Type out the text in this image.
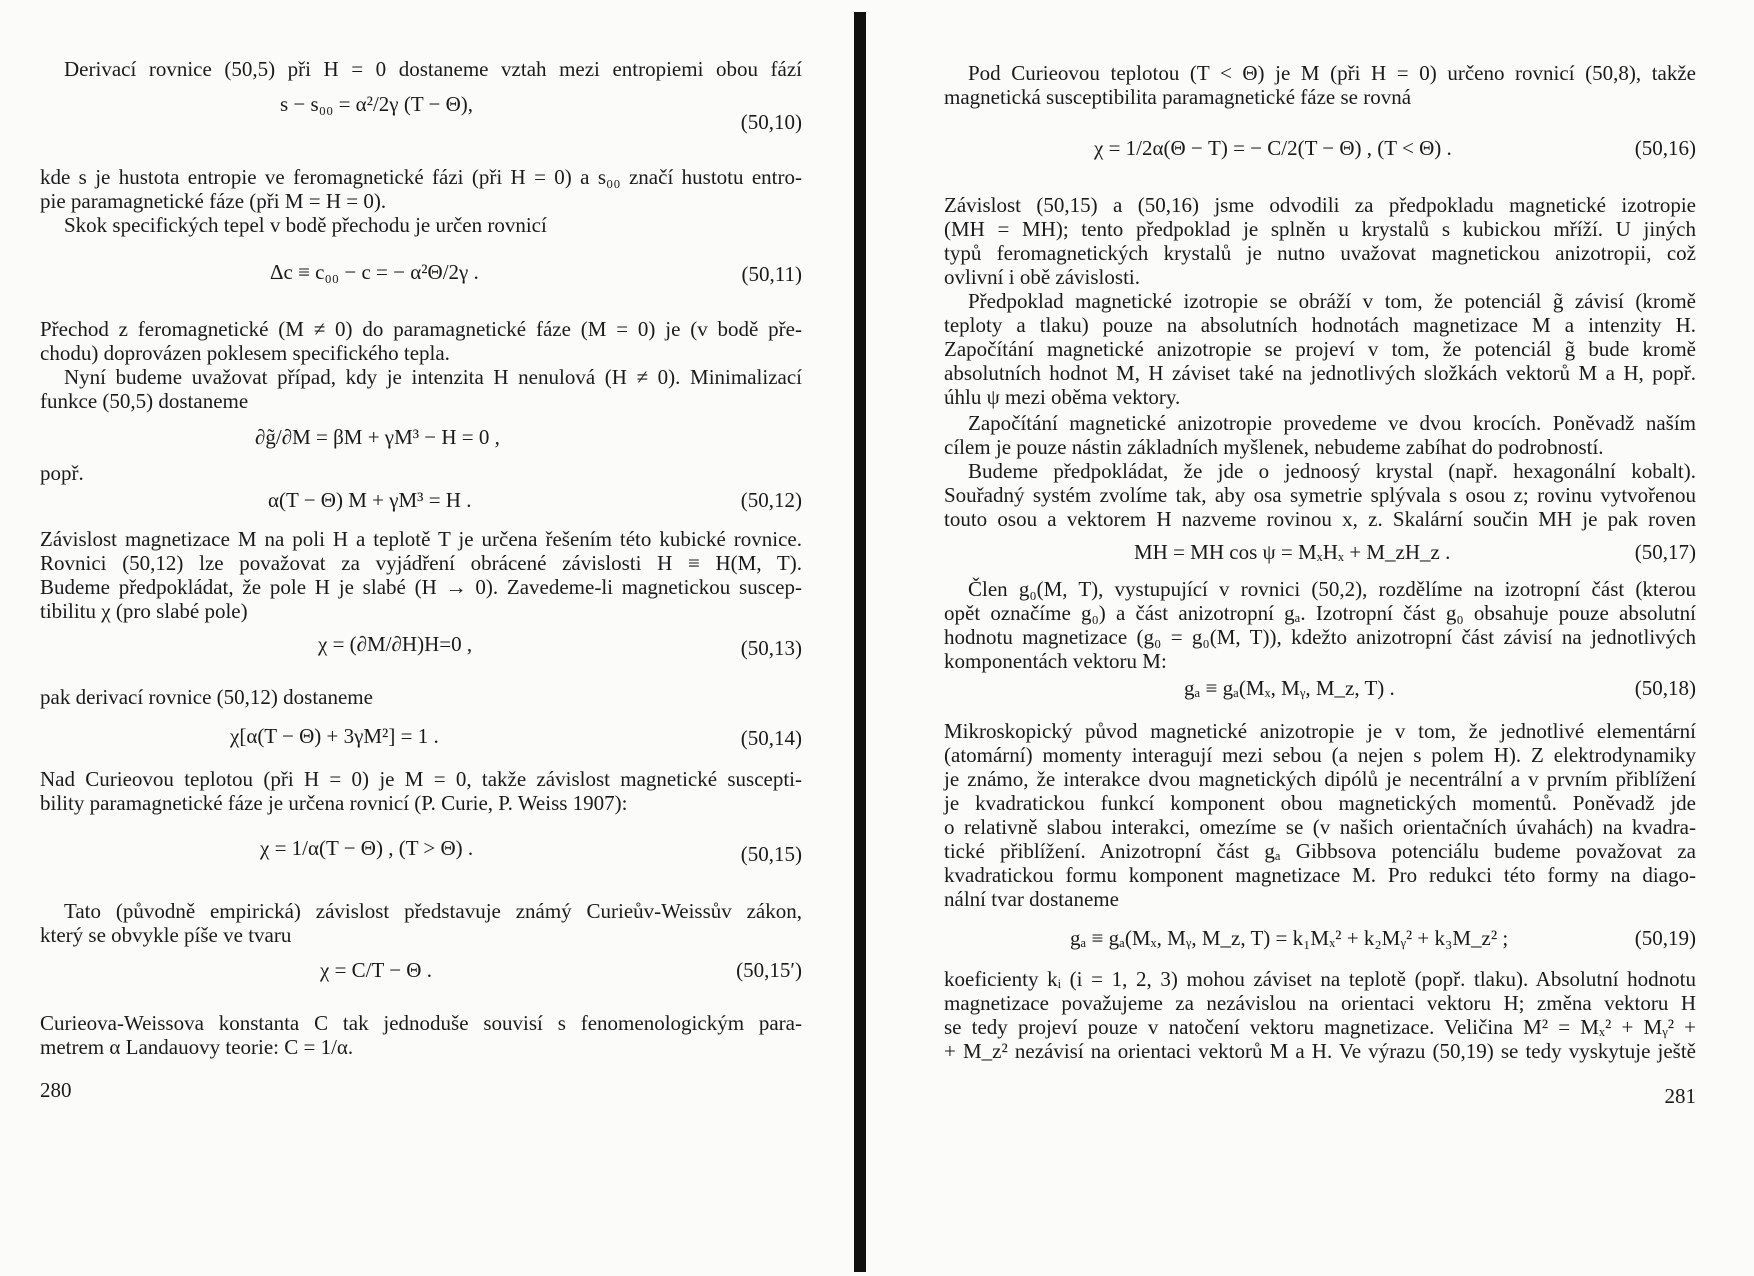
Derivací rovnice (50,5) při H = 0 dostaneme vztah mezi entropiemi obou fází
s − s₀₀ = α²/2γ (T − Θ),
(50,10)
kde s je hustota entropie ve feromagnetické fázi (při H = 0) a s₀₀ značí hustotu entro-
pie paramagnetické fáze (při M = H = 0).
Skok specifických tepel v bodě přechodu je určen rovnicí
Δc ≡ c₀₀ − c = − α²Θ/2γ .	(50,11)
Přechod z feromagnetické (M ≠ 0) do paramagnetické fáze (M = 0) je (v bodě pře-
chodu) doprovázen poklesem specifického tepla.
Nyní budeme uvažovat případ, kdy je intenzita H nenulová (H ≠ 0). Minimalizací
funkce (50,5) dostaneme
∂g̃/∂M = βM + γM³ − H = 0 ,
popř.
α(T − Θ) M + γM³ = H .	(50,12)
Závislost magnetizace M na poli H a teplotě T je určena řešením této kubické rovnice.
Rovnici (50,12) lze považovat za vyjádření obrácené závislosti H ≡ H(M, T).
Budeme předpokládat, že pole H je slabé (H → 0). Zavedeme-li magnetickou suscep-
tibilitu χ (pro slabé pole)
χ = (∂M/∂H)H=0 ,	(50,13)
pak derivací rovnice (50,12) dostaneme
χ[α(T − Θ) + 3γM²] = 1 .	(50,14)
Nad Curieovou teplotou (při H = 0) je M = 0, takže závislost magnetické suscepti-
bility paramagnetické fáze je určena rovnicí (P. Curie, P. Weiss 1907):
χ = 1/α(T − Θ) , (T > Θ) .	(50,15)
Tato (původně empirická) závislost představuje známý Curieův-Weissův zákon,
který se obvykle píše ve tvaru
χ = C/T − Θ .	(50,15′)
Curieova-Weissova konstanta C tak jednoduše souvisí s fenomenologickým para-
metrem α Landauovy teorie: C = 1/α.
280
Pod Curieovou teplotou (T < Θ) je M (při H = 0) určeno rovnicí (50,8), takže
magnetická susceptibilita paramagnetické fáze se rovná
χ = 1/2α(Θ − T) = − C/2(T − Θ) , (T < Θ) .	(50,16)
Závislost (50,15) a (50,16) jsme odvodili za předpokladu magnetické izotropie
(MH = MH); tento předpoklad je splněn u krystalů s kubickou mříží. U jiných
typů feromagnetických krystalů je nutno uvažovat magnetickou anizotropii, což
ovlivní i obě závislosti.
Předpoklad magnetické izotropie se obráží v tom, že potenciál g̃ závisí (kromě
teploty a tlaku) pouze na absolutních hodnotách magnetizace M a intenzity H.
Započítání magnetické anizotropie se projeví v tom, že potenciál g̃ bude kromě
absolutních hodnot M, H záviset také na jednotlivých složkách vektorů M a H, popř.
úhlu ψ mezi oběma vektory.
Započítání magnetické anizotropie provedeme ve dvou krocích. Poněvadž naším
cílem je pouze nástin základních myšlenek, nebudeme zabíhat do podrobností.
Budeme předpokládat, že jde o jednoosý krystal (např. hexagonální kobalt).
Souřadný systém zvolíme tak, aby osa symetrie splývala s osou z; rovinu vytvořenou
touto osou a vektorem H nazveme rovinou x, z. Skalární součin MH je pak roven
MH = MH cos ψ = MₓHₓ + M_zH_z .	(50,17)
Člen g₀(M, T), vystupující v rovnici (50,2), rozdělíme na izotropní část (kterou
opět označíme g₀) a část anizotropní gₐ. Izotropní část g₀ obsahuje pouze absolutní
hodnotu magnetizace (g₀ = g₀(M, T)), kdežto anizotropní část závisí na jednotlivých
komponentách vektoru M:
gₐ ≡ gₐ(Mₓ, Mᵧ, M_z, T) .	(50,18)
Mikroskopický původ magnetické anizotropie je v tom, že jednotlivé elementární
(atomární) momenty interagují mezi sebou (a nejen s polem H). Z elektrodynamiky
je známo, že interakce dvou magnetických dipólů je necentrální a v prvním přiblížení
je kvadratickou funkcí komponent obou magnetických momentů. Poněvadž jde
o relativně slabou interakci, omezíme se (v našich orientačních úvahách) na kvadra-
tické přiblížení. Anizotropní část gₐ Gibbsova potenciálu budeme považovat za
kvadratickou formu komponent magnetizace M. Pro redukci této formy na diago-
nální tvar dostaneme
gₐ ≡ gₐ(Mₓ, Mᵧ, M_z, T) = k₁Mₓ² + k₂Mᵧ² + k₃M_z² ;	(50,19)
koeficienty kᵢ (i = 1, 2, 3) mohou záviset na teplotě (popř. tlaku). Absolutní hodnotu
magnetizace považujeme za nezávislou na orientaci vektoru H; změna vektoru H
se tedy projeví pouze v natočení vektoru magnetizace. Veličina M² = Mₓ² + Mᵧ² +
+ M_z² nezávisí na orientaci vektorů M a H. Ve výrazu (50,19) se tedy vyskytuje ještě
281
